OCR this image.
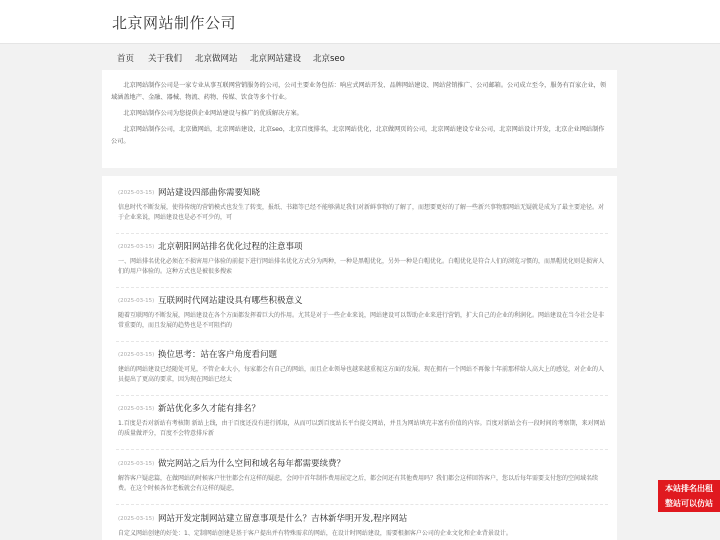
北京网站制作公司
首页 关于我们 北京做网站 北京网站建设 北京seo

北京网站制作公司是一家专业从事互联网营销服务的公司，公司主要业务包括：响应式网站开发、品牌网站建设、网站营销推广、公司邮箱。公司成立至今，服务有百家企业，领域涵盖地产、金融、器械、物流、药物、传媒、饮食等多个行业。

北京网站制作公司为您提供企业网站建设与推广的优质解决方案。

北京网站制作公司，北京做网站，北京网站建设，北京seo，北京百度排名，北京网站优化，北京做网页的公司，北京网站建设专业公司，北京网站设计开发，北京企业网站制作公司。

(2025-03-15) 网站建设四部曲你需要知晓
信息时代不断发展，使得传统的营销模式也发生了转变，报纸、书籍等已经不能够满足我们对新鲜事物的了解了，而想要更好的了解一些新兴事物那网站无疑就是成为了最主要途径。对于企业来说，网站建设也是必不可少的，可
(2025-03-15) 北京朝阳网站排名优化过程的注意事项
一、网站排名优化必须在不损害用户体验的前提下进行网站排名优化方式分为两种，一种是黑帽优化，另外一种是白帽优化。白帽优化是符合人们的浏览习惯的，而黑帽优化则是损害人们的用户体验的。这种方式也是被很多搜索
(2025-03-15) 互联网时代网站建设具有哪些积极意义
随着互联网的不断发展，网站建设在各个方面都发挥着巨大的作用。尤其是对于一些企业来说，网站建设可以帮助企业来进行营销，扩大自己的企业的利润化。网站建设在当今社会是非常重要的，而且发展的趋势也是不可阻挡的
(2025-03-15) 换位思考：站在客户角度看问题
建站的网站建设已经随处可见，不管企业大小，每家都会有自己的网站，而且企业领导也越来越重视这方面的发展。现在拥有一个网站不再像十年前那样给人高大上的感觉，对企业的人员提出了更高的要求，因为现在网站已经太
(2025-03-15) 新站优化多久才能有排名？
1.百度是否对新站有考核期 新站上线，由于百度还没有进行抓取，从而可以到百度站长平台提交网站，并且为网站填充丰富有价值的内容。百度对新站会有一段时间的考察期，来对网站的质量做评分，百度不会特意排斥新
(2025-03-15) 做完网站之后为什么空间和域名每年都需要续费？
解答客户疑虑篇，在做网站的时候客户往往都会有这样的疑虑，会问中首年制作费用屈定之后，都会问还有其他费用吗？我们都会这样回答客户，您以后每年需要支付您的空间域名续费。在这个时候各位老板就会有这样的疑虑，
(2025-03-15) 网站开发定制网站建立留意事项是什么？吉林新华明开发,程序网站
自定义网站创建的好处：1、定制网站创建是基于客户提出并有特殊需求的网站，在设计时网站建设，需要根据客户公司的企业文化和企业背景设计。
本站排名出租
整站可以仿站
